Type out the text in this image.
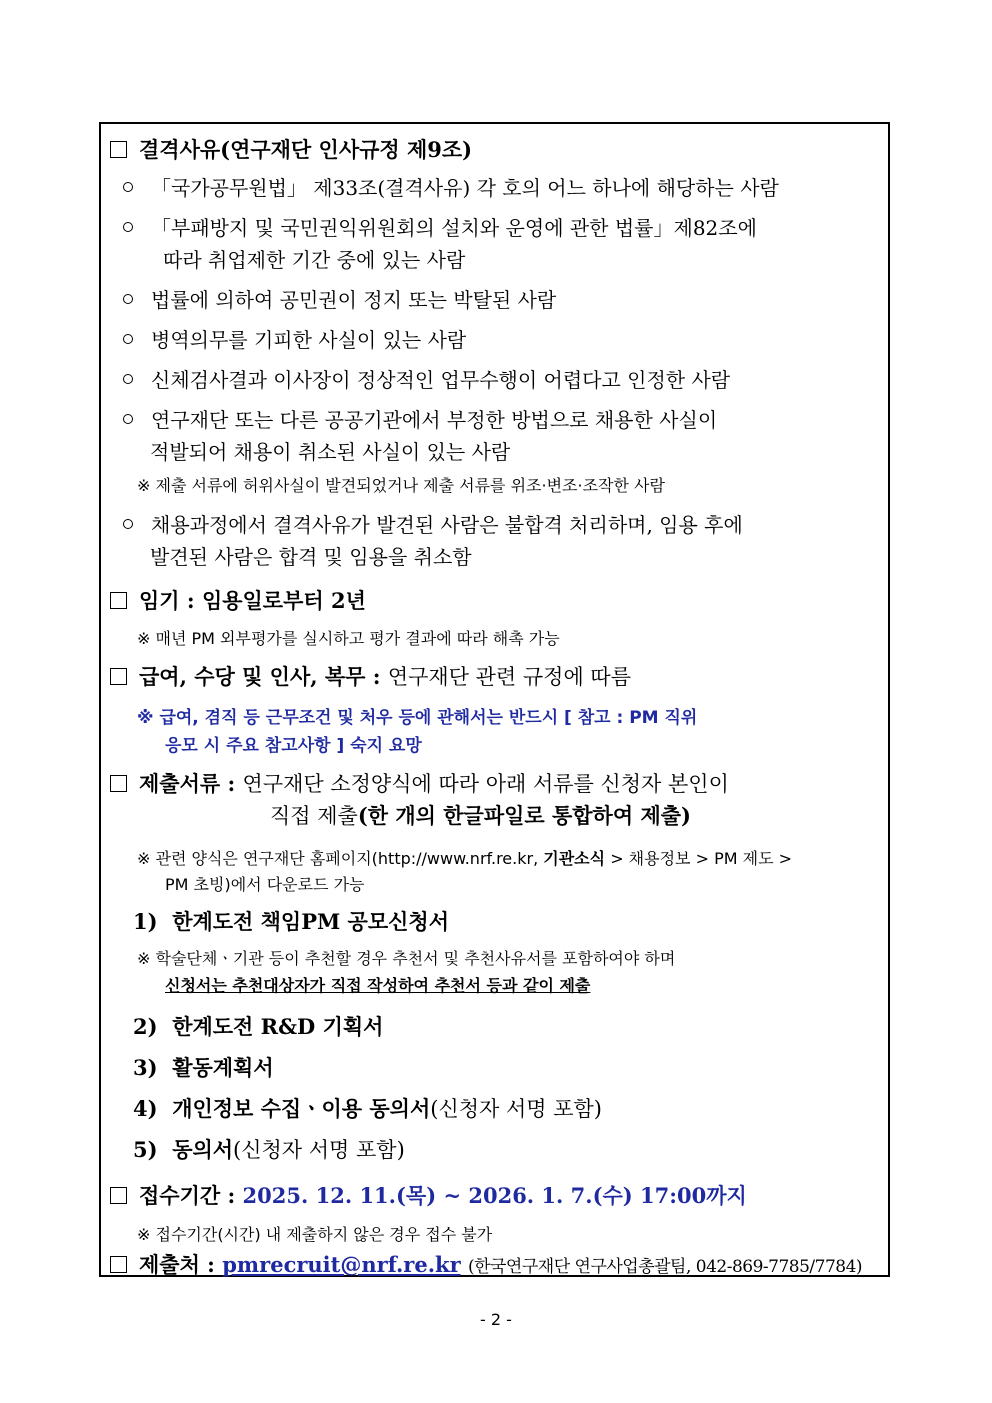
결격사유(연구재단 인사규정 제9조)
「국가공무원법」 제33조(결격사유) 각 호의 어느 하나에 해당하는 사람
「부패방지 및 국민권익위원회의 설치와 운영에 관한 법률」제82조에
따라 취업제한 기간 중에 있는 사람
법률에 의하여 공민권이 정지 또는 박탈된 사람
병역의무를 기피한 사실이 있는 사람
신체검사결과 이사장이 정상적인 업무수행이 어렵다고 인정한 사람
연구재단 또는 다른 공공기관에서 부정한 방법으로 채용한 사실이
적발되어 채용이 취소된 사실이 있는 사람
※ 제출 서류에 허위사실이 발견되었거나 제출 서류를 위조·변조·조작한 사람
채용과정에서 결격사유가 발견된 사람은 불합격 처리하며, 임용 후에
발견된 사람은 합격 및 임용을 취소함
임기 : 임용일로부터 2년
※ 매년 PM 외부평가를 실시하고 평가 결과에 따라 해촉 가능
급여, 수당 및 인사, 복무 : 연구재단 관련 규정에 따름
※ 급여, 겸직 등 근무조건 및 처우 등에 관해서는 반드시 [ 참고 : PM 직위
응모 시 주요 참고사항 ] 숙지 요망
제출서류 : 연구재단 소정양식에 따라 아래 서류를 신청자 본인이
직접 제출(한 개의 한글파일로 통합하여 제출)
※ 관련 양식은 연구재단 홈페이지(http://www.nrf.re.kr, 기관소식 > 채용정보 > PM 제도 >
PM 초빙)에서 다운로드 가능
1) 한계도전 책임PM 공모신청서
※ 학술단체ㆍ기관 등이 추천할 경우 추천서 및 추천사유서를 포함하여야 하며
신청서는 추천대상자가 직접 작성하여 추천서 등과 같이 제출
2) 한계도전 R&D 기획서
3) 활동계획서
4) 개인정보 수집ㆍ이용 동의서(신청자 서명 포함)
5) 동의서(신청자 서명 포함)
접수기간 : 2025. 12. 11.(목) ~ 2026. 1. 7.(수) 17:00까지
※ 접수기간(시간) 내 제출하지 않은 경우 접수 불가
제출처 : pmrecruit@nrf.re.kr (한국연구재단 연구사업총괄팀, 042-869-7785/7784)
- 2 -
